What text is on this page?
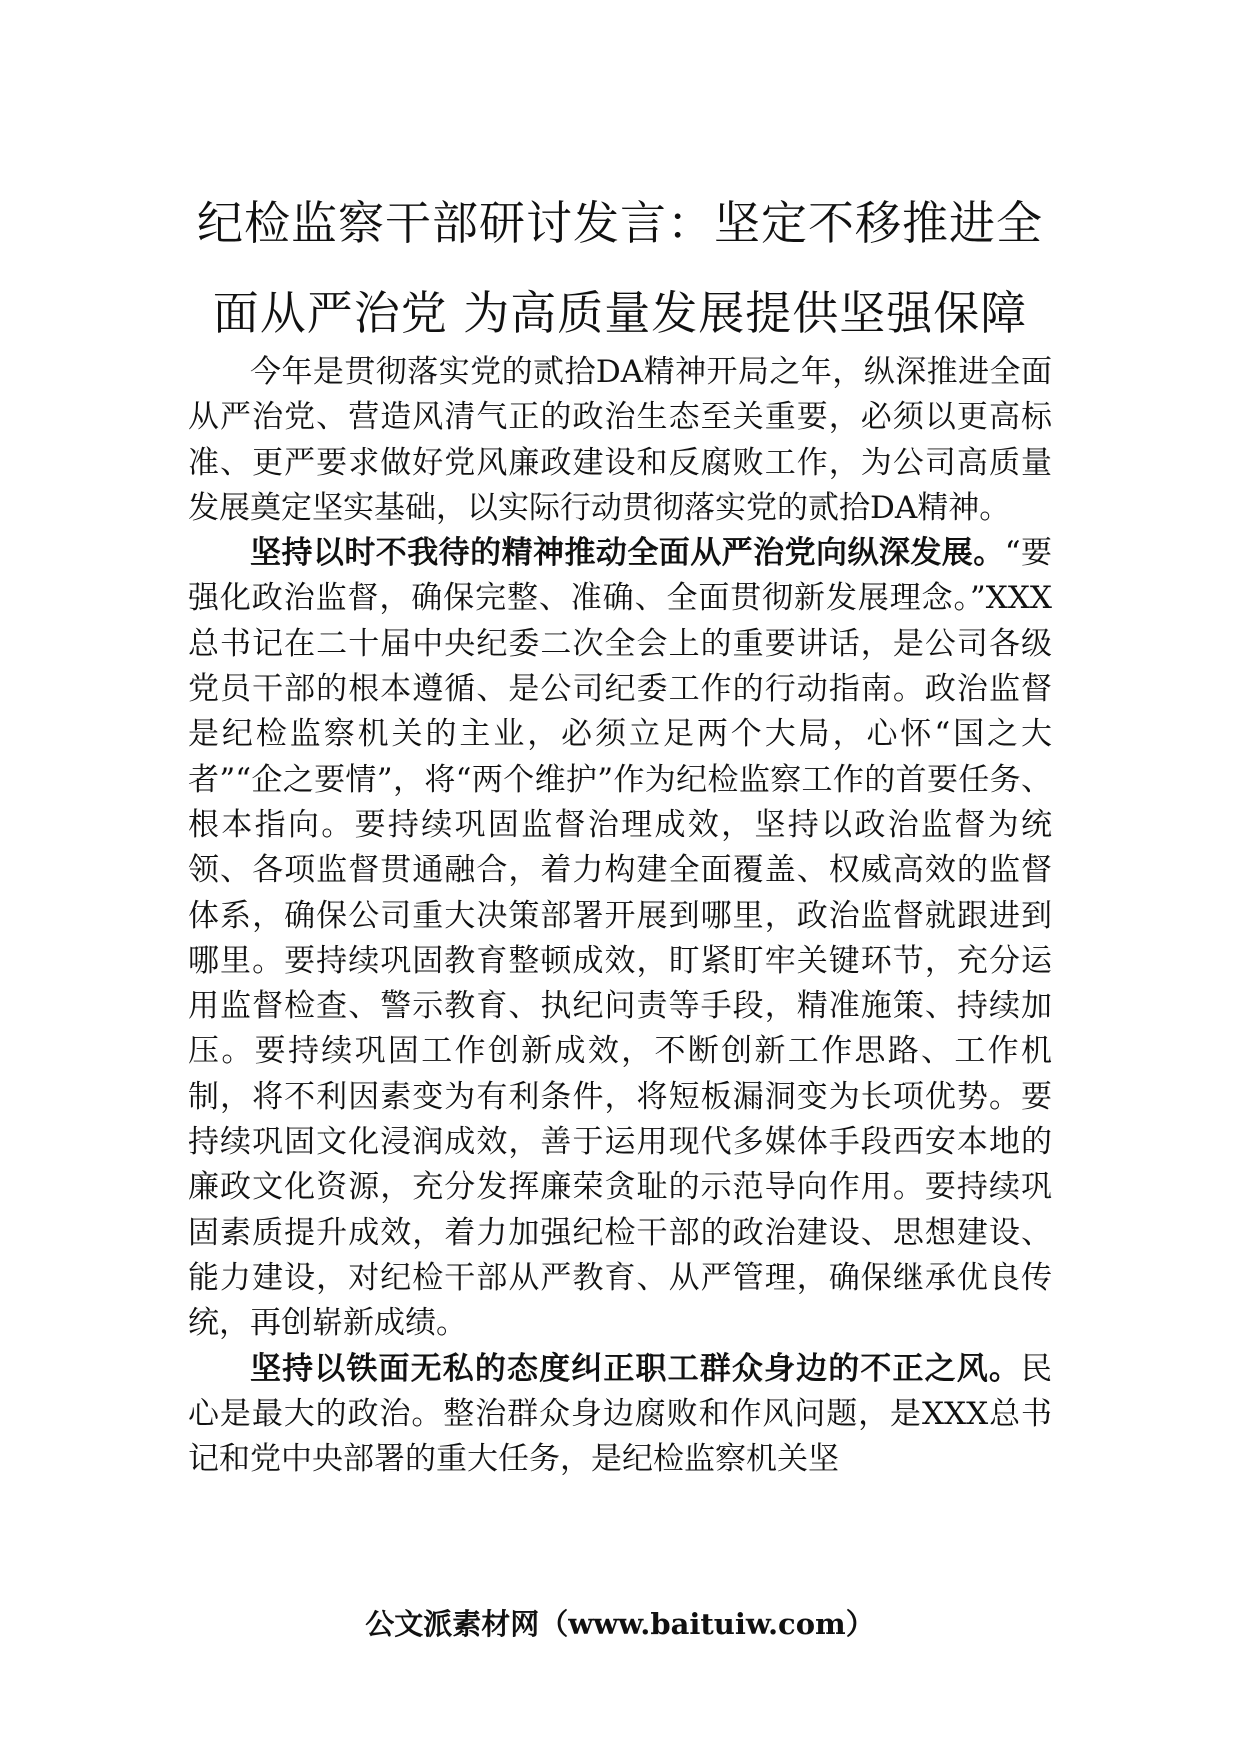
纪检监察干部研讨发言：坚定不移推进全
面从严治党 为高质量发展提供坚强保障

今年是贯彻落实党的贰拾DA精神开局之年，纵深推进全面从严治党、营造风清气正的政治生态至关重要，必须以更高标准、更严要求做好党风廉政建设和反腐败工作，为公司高质量发展奠定坚实基础，以实际行动贯彻落实党的贰拾DA精神。

坚持以时不我待的精神推动全面从严治党向纵深发展。“要强化政治监督，确保完整、准确、全面贯彻新发展理念。”XXX总书记在二十届中央纪委二次全会上的重要讲话，是公司各级党员干部的根本遵循、是公司纪委工作的行动指南。政治监督是纪检监察机关的主业，必须立足两个大局，心怀“国之大者”“企之要情”，将“两个维护”作为纪检监察工作的首要任务、根本指向。要持续巩固监督治理成效，坚持以政治监督为统领、各项监督贯通融合，着力构建全面覆盖、权威高效的监督体系，确保公司重大决策部署开展到哪里，政治监督就跟进到哪里。要持续巩固教育整顿成效，盯紧盯牢关键环节，充分运用监督检查、警示教育、执纪问责等手段，精准施策、持续加压。要持续巩固工作创新成效，不断创新工作思路、工作机制，将不利因素变为有利条件，将短板漏洞变为长项优势。要持续巩固文化浸润成效，善于运用现代多媒体手段西安本地的廉政文化资源，充分发挥廉荣贪耻的示范导向作用。要持续巩固素质提升成效，着力加强纪检干部的政治建设、思想建设、能力建设，对纪检干部从严教育、从严管理，确保继承优良传统，再创崭新成绩。

坚持以铁面无私的态度纠正职工群众身边的不正之风。民心是最大的政治。整治群众身边腐败和作风问题，是XXX总书记和党中央部署的重大任务，是纪检监察机关坚

公文派素材网（www.baituiw.com）
